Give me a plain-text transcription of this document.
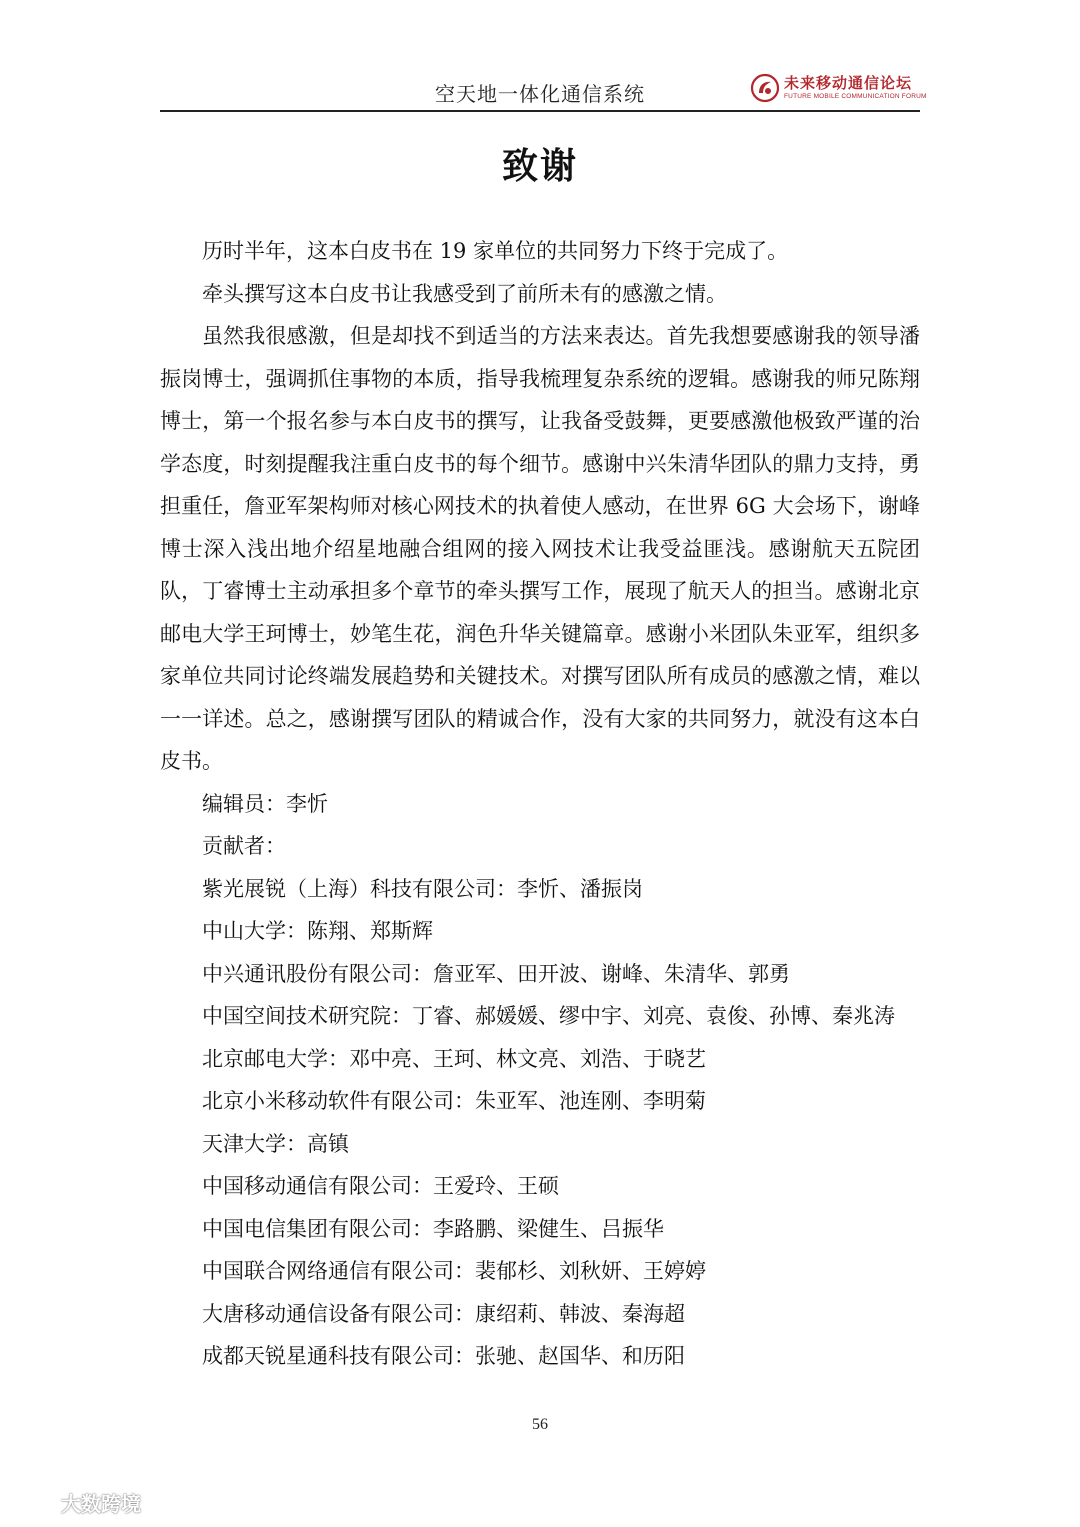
空天地一体化通信系统	未来移动通信论坛
FUTURE MOBILE COMMUNICATION FORUM
致谢

历时半年，这本白皮书在 19 家单位的共同努力下终于完成了。

牵头撰写这本白皮书让我感受到了前所未有的感激之情。

虽然我很感激，但是却找不到适当的方法来表达。首先我想要感谢我的领导潘振岗博士，强调抓住事物的本质，指导我梳理复杂系统的逻辑。感谢我的师兄陈翔博士，第一个报名参与本白皮书的撰写，让我备受鼓舞，更要感激他极致严谨的治学态度，时刻提醒我注重白皮书的每个细节。感谢中兴朱清华团队的鼎力支持，勇担重任，詹亚军架构师对核心网技术的执着使人感动，在世界 6G 大会场下，谢峰博士深入浅出地介绍星地融合组网的接入网技术让我受益匪浅。感谢航天五院团队，丁睿博士主动承担多个章节的牵头撰写工作，展现了航天人的担当。感谢北京邮电大学王珂博士，妙笔生花，润色升华关键篇章。感谢小米团队朱亚军，组织多家单位共同讨论终端发展趋势和关键技术。对撰写团队所有成员的感激之情，难以一一详述。总之，感谢撰写团队的精诚合作，没有大家的共同努力，就没有这本白皮书。

编辑员：李忻

贡献者：

紫光展锐（上海）科技有限公司：李忻、潘振岗

中山大学：陈翔、郑斯辉

中兴通讯股份有限公司：詹亚军、田开波、谢峰、朱清华、郭勇

中国空间技术研究院：丁睿、郝媛媛、缪中宇、刘亮、袁俊、孙博、秦兆涛

北京邮电大学：邓中亮、王珂、林文亮、刘浩、于晓艺

北京小米移动软件有限公司：朱亚军、池连刚、李明菊

天津大学：高镇

中国移动通信有限公司：王爱玲、王硕

中国电信集团有限公司：李路鹏、梁健生、吕振华

中国联合网络通信有限公司：裴郁杉、刘秋妍、王婷婷

大唐移动通信设备有限公司：康绍莉、韩波、秦海超

成都天锐星通科技有限公司：张驰、赵国华、和历阳

56
大数跨境
